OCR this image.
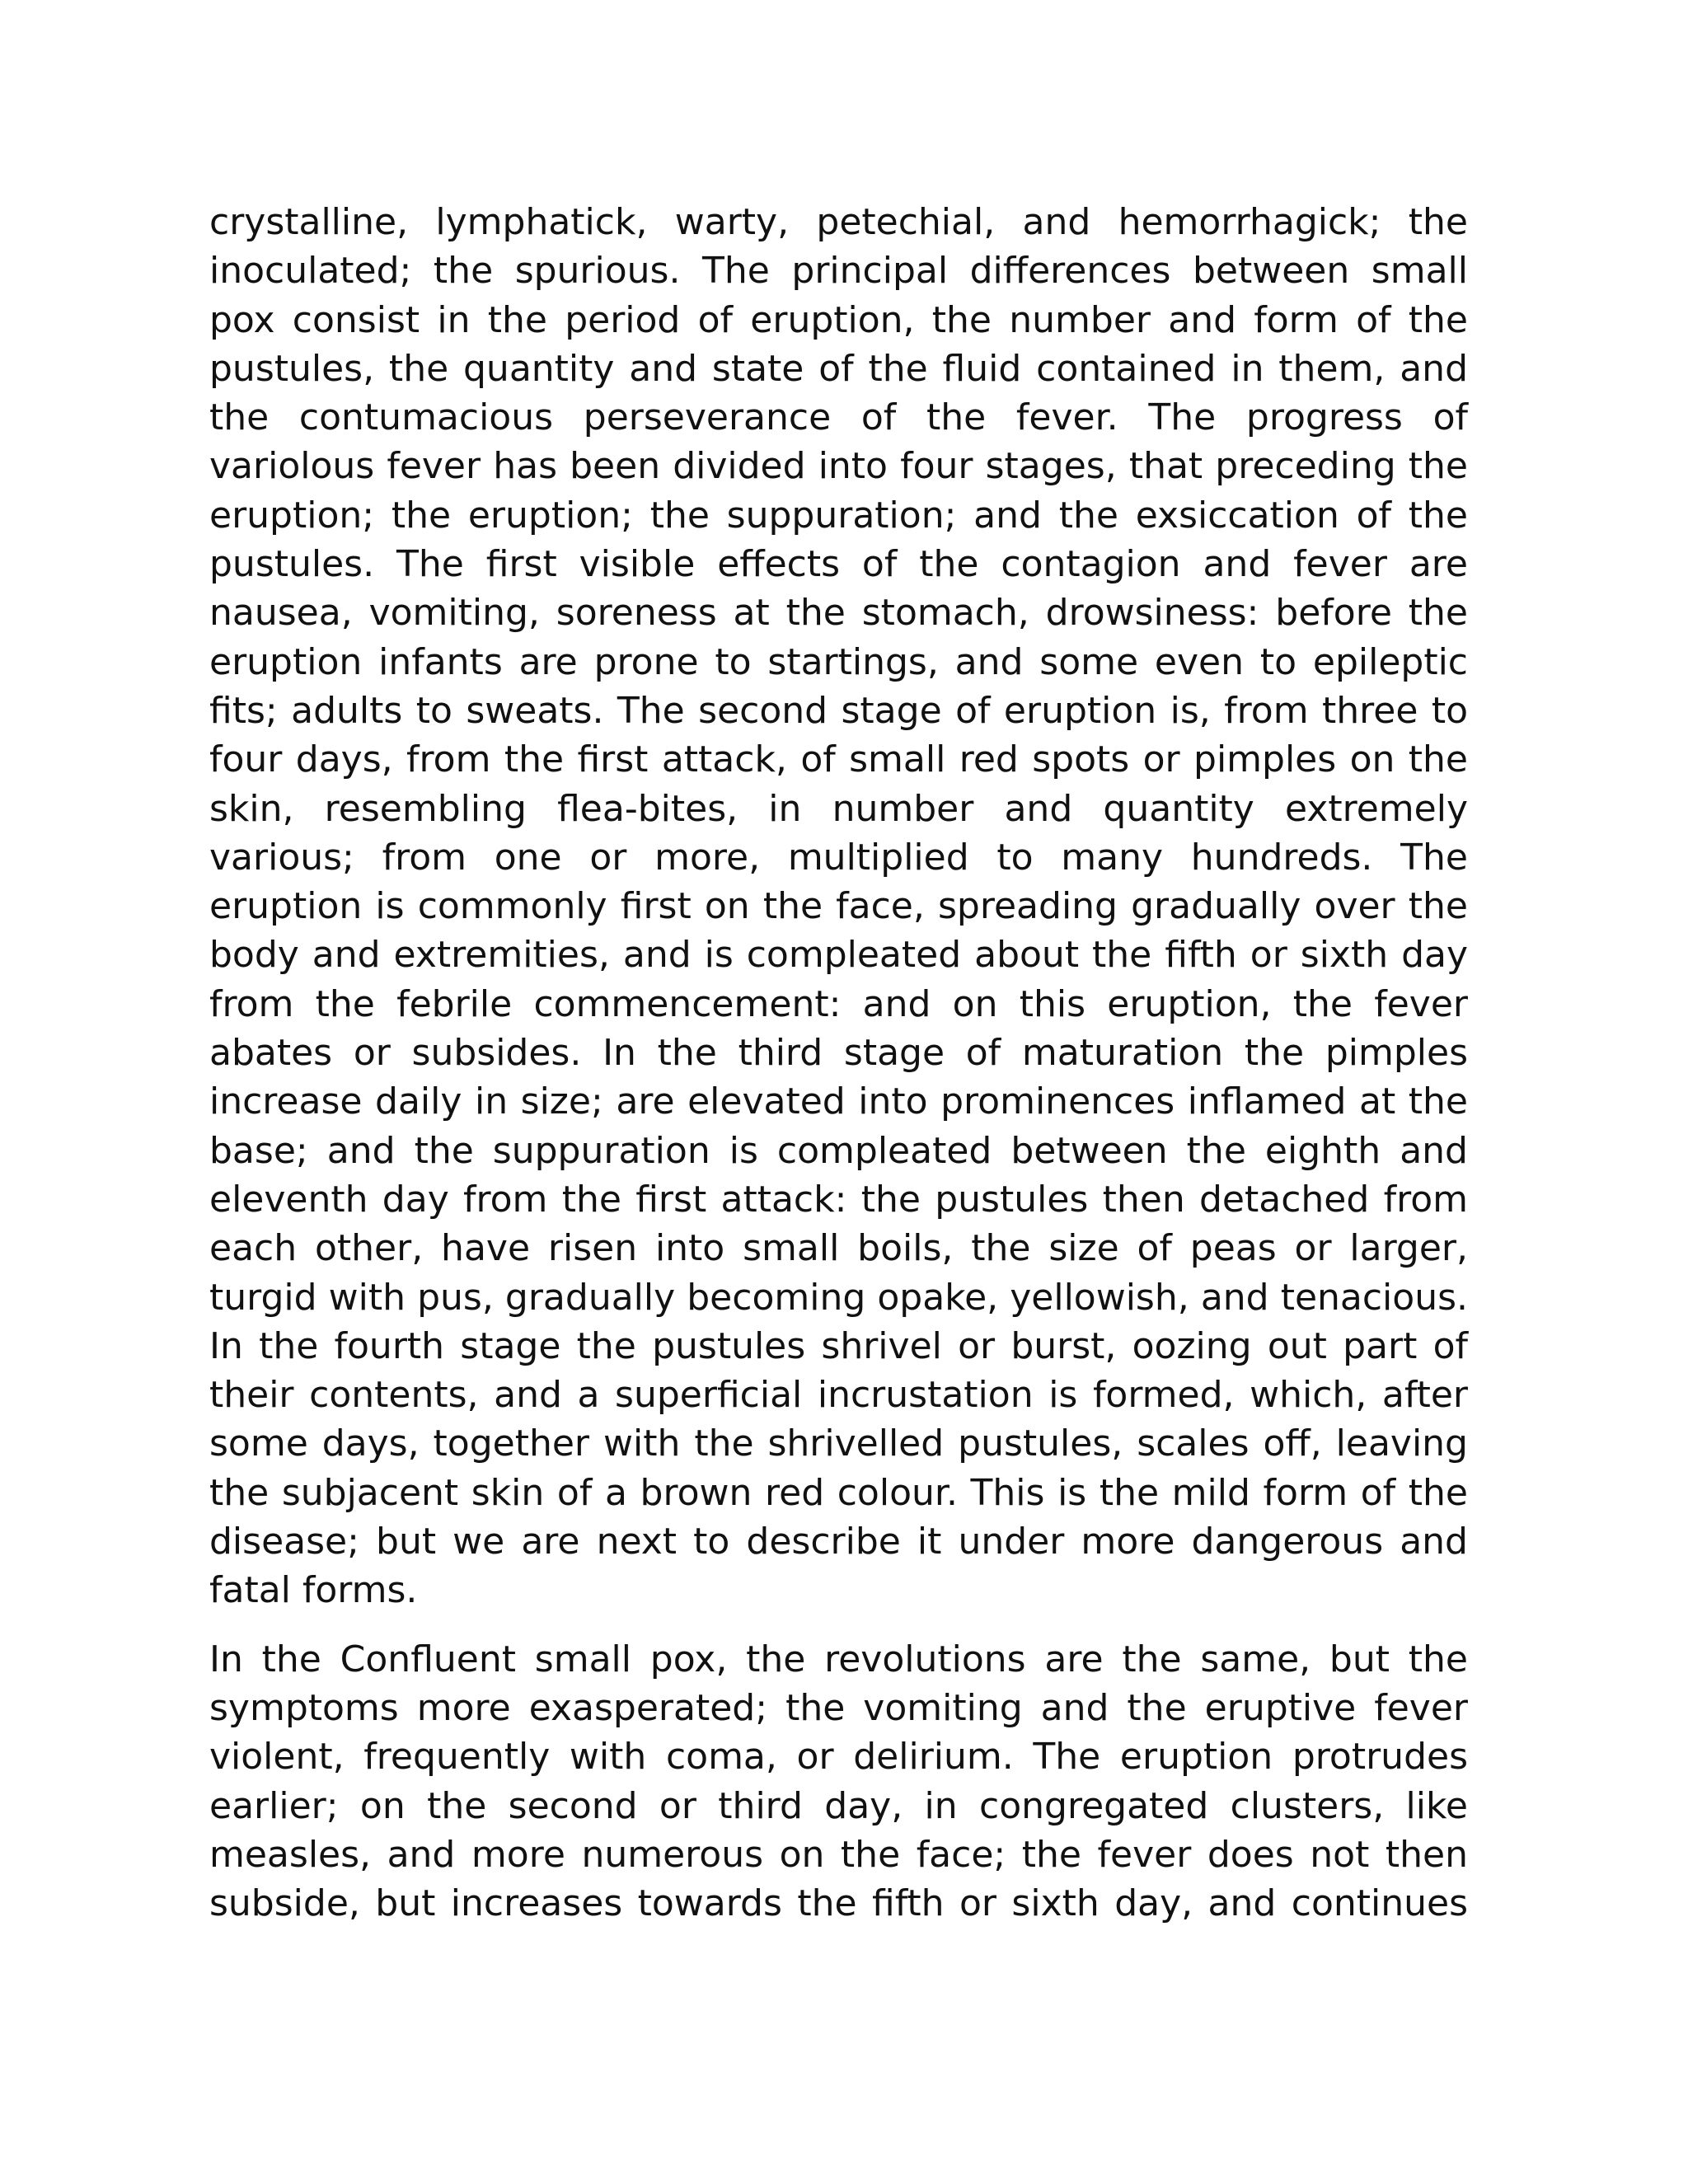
crystalline, lymphatick, warty, petechial, and hemorrhagick; the inoculated; the spurious. The principal differences between small pox consist in the period of eruption, the number and form of the pustules, the quantity and state of the fluid contained in them, and the contumacious perseverance of the fever. The progress of variolous fever has been divided into four stages, that preceding the eruption; the eruption; the suppuration; and the exsiccation of the pustules. The first visible effects of the contagion and fever are nausea, vomiting, soreness at the stomach, drowsiness: before the eruption infants are prone to startings, and some even to epileptic fits; adults to sweats. The second stage of eruption is, from three to four days, from the first attack, of small red spots or pimples on the skin, resembling flea-bites, in number and quantity extremely various; from one or more, multiplied to many hundreds. The eruption is commonly first on the face, spreading gradually over the body and extremities, and is compleated about the fifth or sixth day from the febrile commencement: and on this eruption, the fever abates or subsides. In the third stage of maturation the pimples increase daily in size; are elevated into prominences inflamed at the base; and the suppuration is compleated between the eighth and eleventh day from the first attack: the pustules then detached from each other, have risen into small boils, the size of peas or larger, turgid with pus, gradually becoming opake, yellowish, and tenacious. In the fourth stage the pustules shrivel or burst, oozing out part of their contents, and a superficial incrustation is formed, which, after some days, together with the shrivelled pustules, scales off, leaving the subjacent skin of a brown red colour. This is the mild form of the disease; but we are next to describe it under more dangerous and fatal forms.

In the Confluent small pox, the revolutions are the same, but the symptoms more exasperated; the vomiting and the eruptive fever violent, frequently with coma, or delirium. The eruption protrudes earlier; on the second or third day, in congregated clusters, like measles, and more numerous on the face; the fever does not then subside, but increases towards the fifth or sixth day, and continues
